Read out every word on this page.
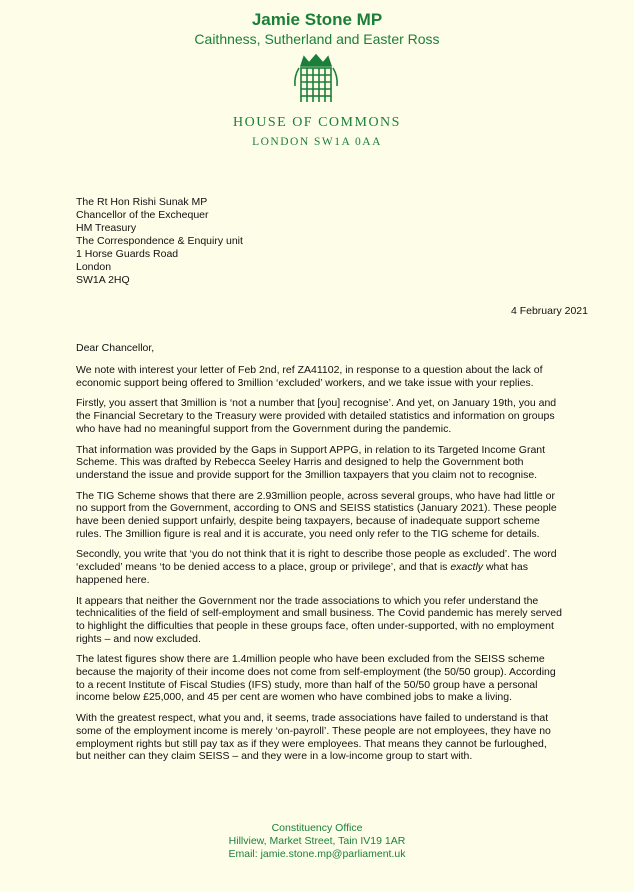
Jamie Stone MP
Caithness, Sutherland and Easter Ross
HOUSE OF COMMONS
LONDON SW1A 0AA
The Rt Hon Rishi Sunak MP
Chancellor of the Exchequer
HM Treasury
The Correspondence & Enquiry unit
1 Horse Guards Road
London
SW1A 2HQ
4 February 2021
Dear Chancellor,

We note with interest your letter of Feb 2nd, ref ZA41102, in response to a question about the lack of economic support being offered to 3million ‘excluded’ workers, and we take issue with your replies.

Firstly, you assert that 3million is ‘not a number that [you] recognise’. And yet, on January 19th, you and the Financial Secretary to the Treasury were provided with detailed statistics and information on groups who have had no meaningful support from the Government during the pandemic.

That information was provided by the Gaps in Support APPG, in relation to its Targeted Income Grant Scheme. This was drafted by Rebecca Seeley Harris and designed to help the Government both understand the issue and provide support for the 3million taxpayers that you claim not to recognise.

The TIG Scheme shows that there are 2.93million people, across several groups, who have had little or no support from the Government, according to ONS and SEISS statistics (January 2021). These people have been denied support unfairly, despite being taxpayers, because of inadequate support scheme rules. The 3million figure is real and it is accurate, you need only refer to the TIG scheme for details.

Secondly, you write that ‘you do not think that it is right to describe those people as excluded’. The word ‘excluded’ means ‘to be denied access to a place, group or privilege’, and that is exactly what has happened here.

It appears that neither the Government nor the trade associations to which you refer understand the technicalities of the field of self-employment and small business. The Covid pandemic has merely served to highlight the difficulties that people in these groups face, often under-supported, with no employment rights – and now excluded.

The latest figures show there are 1.4million people who have been excluded from the SEISS scheme because the majority of their income does not come from self-employment (the 50/50 group). According to a recent Institute of Fiscal Studies (IFS) study, more than half of the 50/50 group have a personal income below £25,000, and 45 per cent are women who have combined jobs to make a living.

With the greatest respect, what you and, it seems, trade associations have failed to understand is that some of the employment income is merely ‘on-payroll’. These people are not employees, they have no employment rights but still pay tax as if they were employees. That means they cannot be furloughed, but neither can they claim SEISS – and they were in a low-income group to start with.

Constituency Office
Hillview, Market Street, Tain IV19 1AR
Email: jamie.stone.mp@parliament.uk
